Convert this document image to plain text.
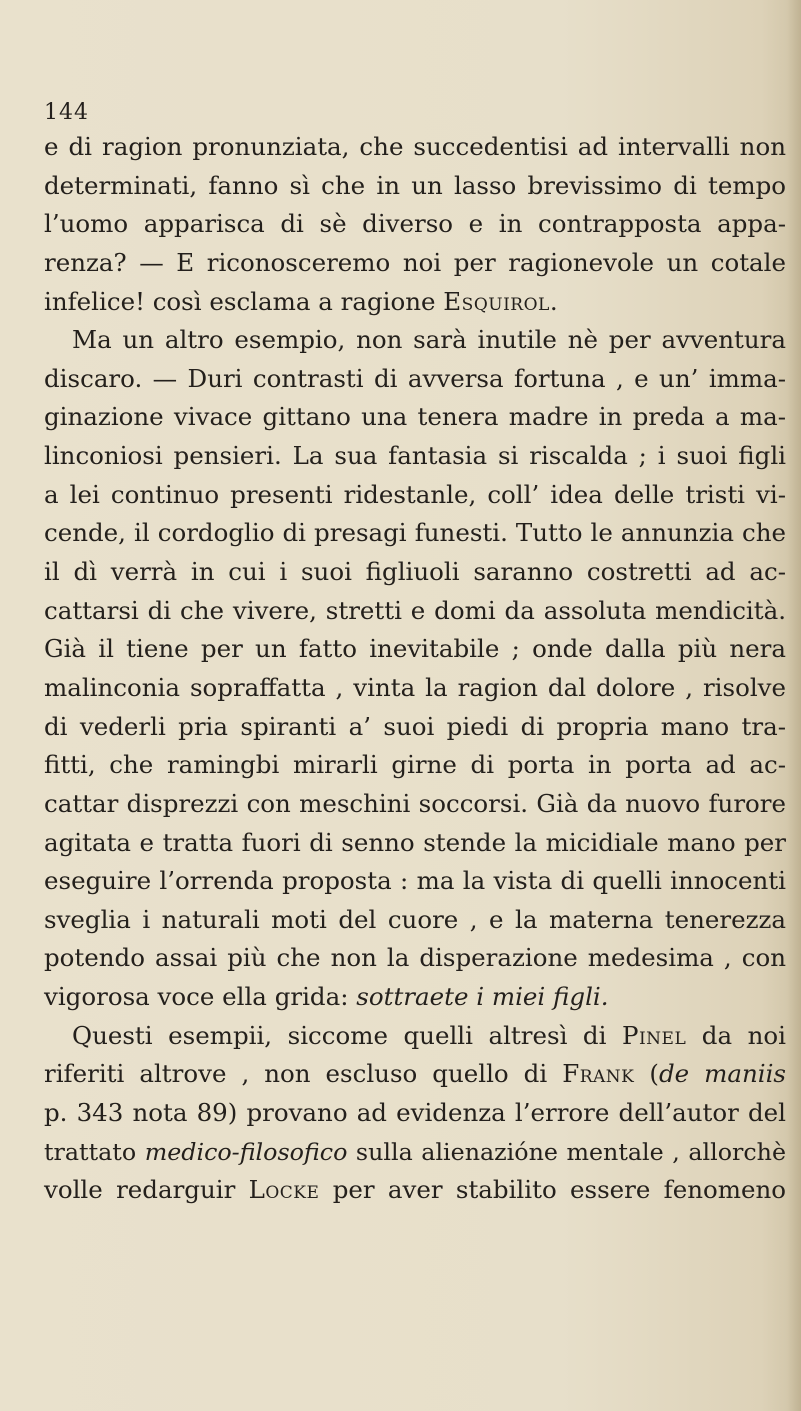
144
e di ragion pronunziata, che succedentisi ad intervalli non
determinati, fanno sì che in un lasso brevissimo di tempo
l’uomo apparisca di sè diverso e in contrapposta appa-
renza? — E riconosceremo noi per ragionevole un cotale
infelice! così esclama a ragione Esquirol.
Ma un altro esempio, non sarà inutile nè per avventura
discaro. — Duri contrasti di avversa fortuna , e un’ imma-
ginazione vivace gittano una tenera madre in preda a ma-
linconiosi pensieri. La sua fantasia si riscalda ; i suoi figli
a lei continuo presenti ridestanle, coll’ idea delle tristi vi-
cende, il cordoglio di presagi funesti. Tutto le annunzia che
il dì verrà in cui i suoi figliuoli saranno costretti ad ac-
cattarsi di che vivere, stretti e domi da assoluta mendicità.
Già il tiene per un fatto inevitabile ; onde dalla più nera
malinconia sopraffatta , vinta la ragion dal dolore , risolve
di vederli pria spiranti a’ suoi piedi di propria mano tra-
fitti, che ramingbi mirarli girne di porta in porta ad ac-
cattar disprezzi con meschini soccorsi. Già da nuovo furore
agitata e tratta fuori di senno stende la micidiale mano per
eseguire l’orrenda proposta : ma la vista di quelli innocenti
sveglia i naturali moti del cuore , e la materna tenerezza
potendo assai più che non la disperazione medesima , con
vigorosa voce ella grida: sottraete i miei figli.
Questi esempii, siccome quelli altresì di Pinel da noi
riferiti altrove , non escluso quello di Frank (de maniis
p. 343 nota 89) provano ad evidenza l’errore dell’autor del
trattato medico-filosofico sulla alienazióne mentale , allorchè
volle redarguir Locke per aver stabilito essere fenomeno
